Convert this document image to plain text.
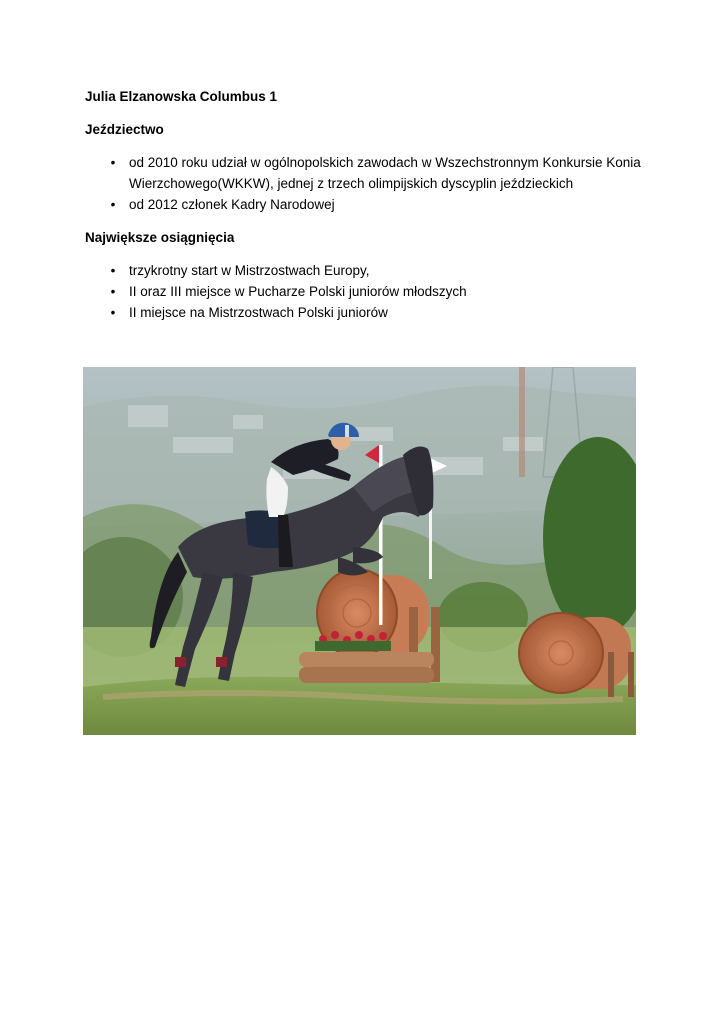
Julia Elzanowska Columbus 1
Jeździectwo
• od 2010 roku udział w ogólnopolskich zawodach w Wszechstronnym Konkursie Konia Wierzchowego(WKKW), jednej z trzech olimpijskich dyscyplin jeździeckich
• od 2012 członek Kadry Narodowej
Największe osiągnięcia
• trzykrotny start w Mistrzostwach Europy,
• II oraz III miejsce w Pucharze Polski juniorów młodszych
• II miejsce na Mistrzostwach Polski juniorów
